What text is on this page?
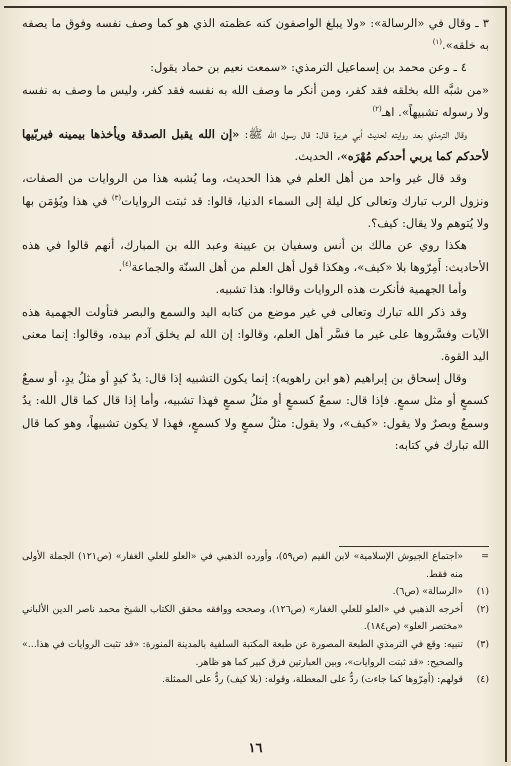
٣ ـ وقال في «الرسالة»: «ولا يبلغ الواصفون كنه عظمته الذي هو كما وصف نفسه وفوق ما يصفه به خلقه».$^{(١)}$

٤ ـ وعن محمد بن إسماعيل الترمذي: «سمعت نعيم بن حماد يقول:

«من شبَّه الله بخلقه فقد كفر، ومن أنكر ما وصف الله به نفسه فقد كفر، وليس ما وصف به نفسه ولا رسوله تشبيهاً». اهـ$^{(٢)}$

وقال الترمذي بعد روايته لحديث أبي هريرة قال: قال رسول الله ﷺ: «إن الله يقبل الصدقة ويأخذها بيمينه فيربّيها لأحدكم كما يربي أحدكم مُهْرَه»، الحديث.

وقد قال غير واحد من أهل العلم في هذا الحديث، وما يُشبه هذا من الروايات من الصفات، ونزول الرب تبارك وتعالى كل ليلة إلى السماء الدنيا، قالوا: قد ثبتت الروايات$^{(٣)}$ في هذا ويُؤمَن بها ولا يُتوهم ولا يقال: كيف؟.

هكذا روي عن مالك بن أنس وسفيان بن عيينة وعبد الله بن المبارك، أنهم قالوا في هذه الأحاديث: أَمِرّوها بلا «كيف»، وهكذا قول أهل العلم من أهل السنّة والجماعة$^{(٤)}$.

وأما الجهمية فأنكرت هذه الروايات وقالوا: هذا تشبيه.

وقد ذكر الله تبارك وتعالى في غير موضع من كتابه اليد والسمع والبصر فتأولت الجهمية هذه الآيات وفسَّروها على غير ما فسَّر أهل العلم، وقالوا: إن الله لم يخلق آدم بيده، وقالوا: إنما معنى اليد القوة.

وقال إسحاق بن إبراهيم (هو ابن راهويه): إنما يكون التشبيه إذا قال: يدٌ كيدٍ أو مثلُ يدٍ، أو سمعٌ كسمعٍ أو مثل سمعٍ. فإذا قال: سمعٌ كسمعٍ أو مثلُ سمعٍ فهذا تشبيه، وأما إذا قال كما قال الله: يدٌ وسمعٌ وبصرٌ ولا يقول: «كيف»، ولا يقول: مثلُ سمعٍ ولا كسمعٍ، فهذا لا يكون تشبيهاً، وهو كما قال الله تبارك في كتابه:

=
«اجتماع الجيوش الإسلامية» لابن القيم (ص٥٩)، وأورده الذهبي في «العلو للعلي الغفار» (ص١٢١) الجملة الأولى منه فقط.
(١)
«الرسالة» (ص٦).
(٢)
أخرجه الذهبي في «العلو للعلي الغفار» (ص١٢٦)، وصححه ووافقه محقق الكتاب الشيخ محمد ناصر الدين الألباني «مختصر العلو» (ص١٨٤).
(٣)
تنبيه: وقع في الترمذي الطبعة المصورة عن طبعة المكتبة السلفية بالمدينة المنورة: «قد تثبت الروايات في هذا...» والصحيح: «قد ثبتت الروايات»، وبين العبارتين فرق كبير كما هو ظاهر.
(٤)
قولهم: (أمِرّوها كما جاءت) ردٌّ على المعطلة، وقوله: (بلا كيف) ردٌّ على الممثلة.
١٦
